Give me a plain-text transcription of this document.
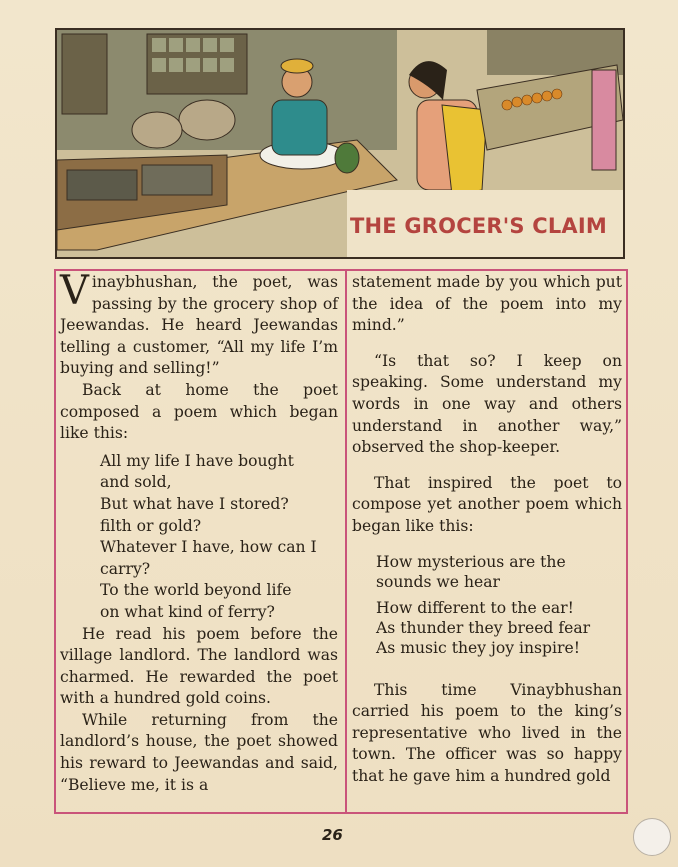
THE GROCER'S CLAIM

Vinaybhushan, the poet, was passing by the grocery shop of Jeewandas. He heard Jeewandas telling a customer, “All my life I’m buying and selling!”

Back at home the poet composed a poem which began like this:

All my life I have bought

and sold,

But what have I stored?

filth or gold?

Whatever I have, how can I

carry?

To the world beyond life

on what kind of ferry?

He read his poem before the village landlord. The landlord was charmed. He rewarded the poet with a hundred gold coins.

While returning from the landlord’s house, the poet showed his reward to Jeewandas and said, “Believe me, it is a

statement made by you which put the idea of the poem into my mind.”

“Is that so? I keep on speaking. Some understand my words in one way and others understand in another way,” observed the shop-keeper.

That inspired the poet to compose yet another poem which began like this:

How mysterious are the

sounds we hear

How different to the ear!

As thunder they breed fear

As music they joy inspire!

This time Vinaybhushan carried his poem to the king’s representative who lived in the town. The officer was so happy that he gave him a hundred gold

26
